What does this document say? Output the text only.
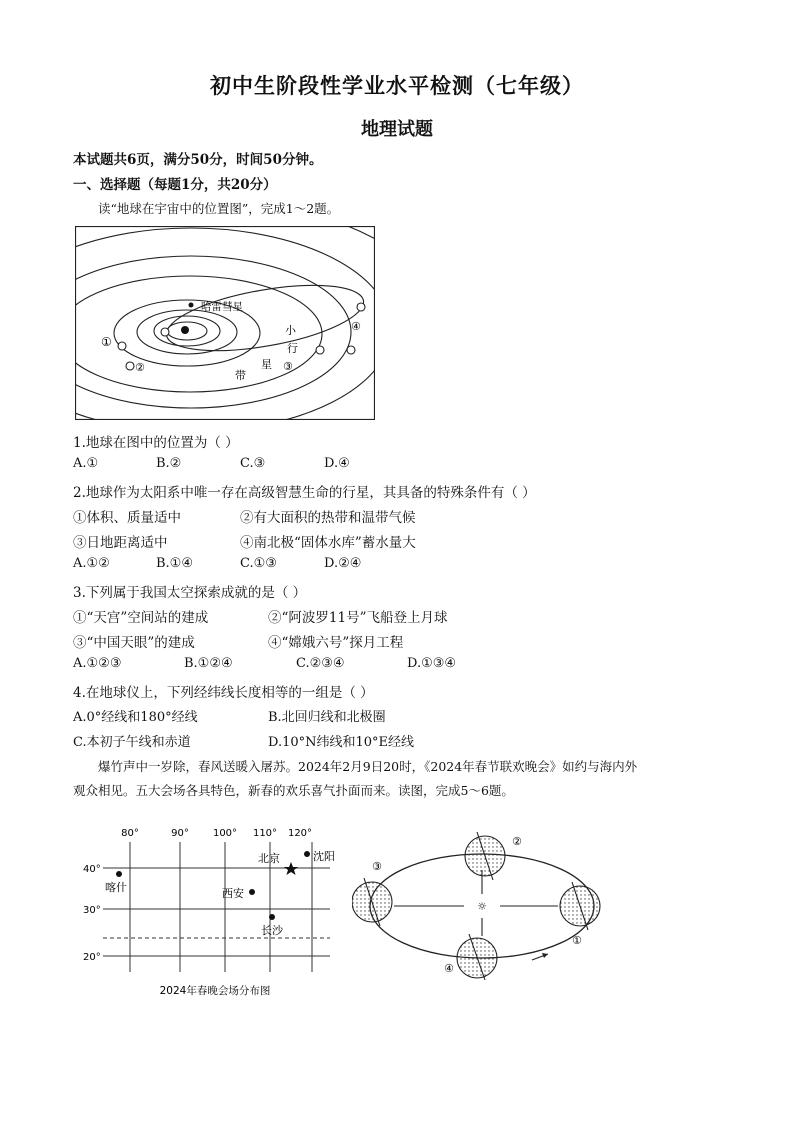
初中生阶段性学业水平检测（七年级）
地理试题
本试题共6页，满分50分，时间50分钟。
一、选择题（每题1分，共20分）
读“地球在宇宙中的位置图”，完成1～2题。
哈雷彗星
小
行
星
带
①
②	③
④
1.地球在图中的位置为（ ）
A.①	B.②	C.③	D.④
2.地球作为太阳系中唯一存在高级智慧生命的行星，其具备的特殊条件有（ ）
①体积、质量适中	②有大面积的热带和温带气候
③日地距离适中	④南北极“固体水库”蓄水量大
A.①②	B.①④	C.①③	D.②④
3.下列属于我国太空探索成就的是（ ）
①“天宫”空间站的建成	②“阿波罗11号”飞船登上月球
③“中国天眼”的建成	④“嫦娥六号”探月工程
A.①②③	B.①②④	C.②③④	D.①③④
4.在地球仪上，下列经纬线长度相等的一组是（ ）
A.0°经线和180°经线	B.北回归线和北极圈
C.本初子午线和赤道	D.10°N纬线和10°E经线
爆竹声中一岁除，春风送暖入屠苏。2024年2月9日20时，《2024年春节联欢晚会》如约与海内外
观众相见。五大会场各具特色，新春的欢乐喜气扑面而来。读图，完成5～6题。
80°	90° 100° 110° 120°
40°
30°
20°
喀什
北京	沈阳
西安
长沙
2024年春晚会场分布图
☼
③
②
①
④
